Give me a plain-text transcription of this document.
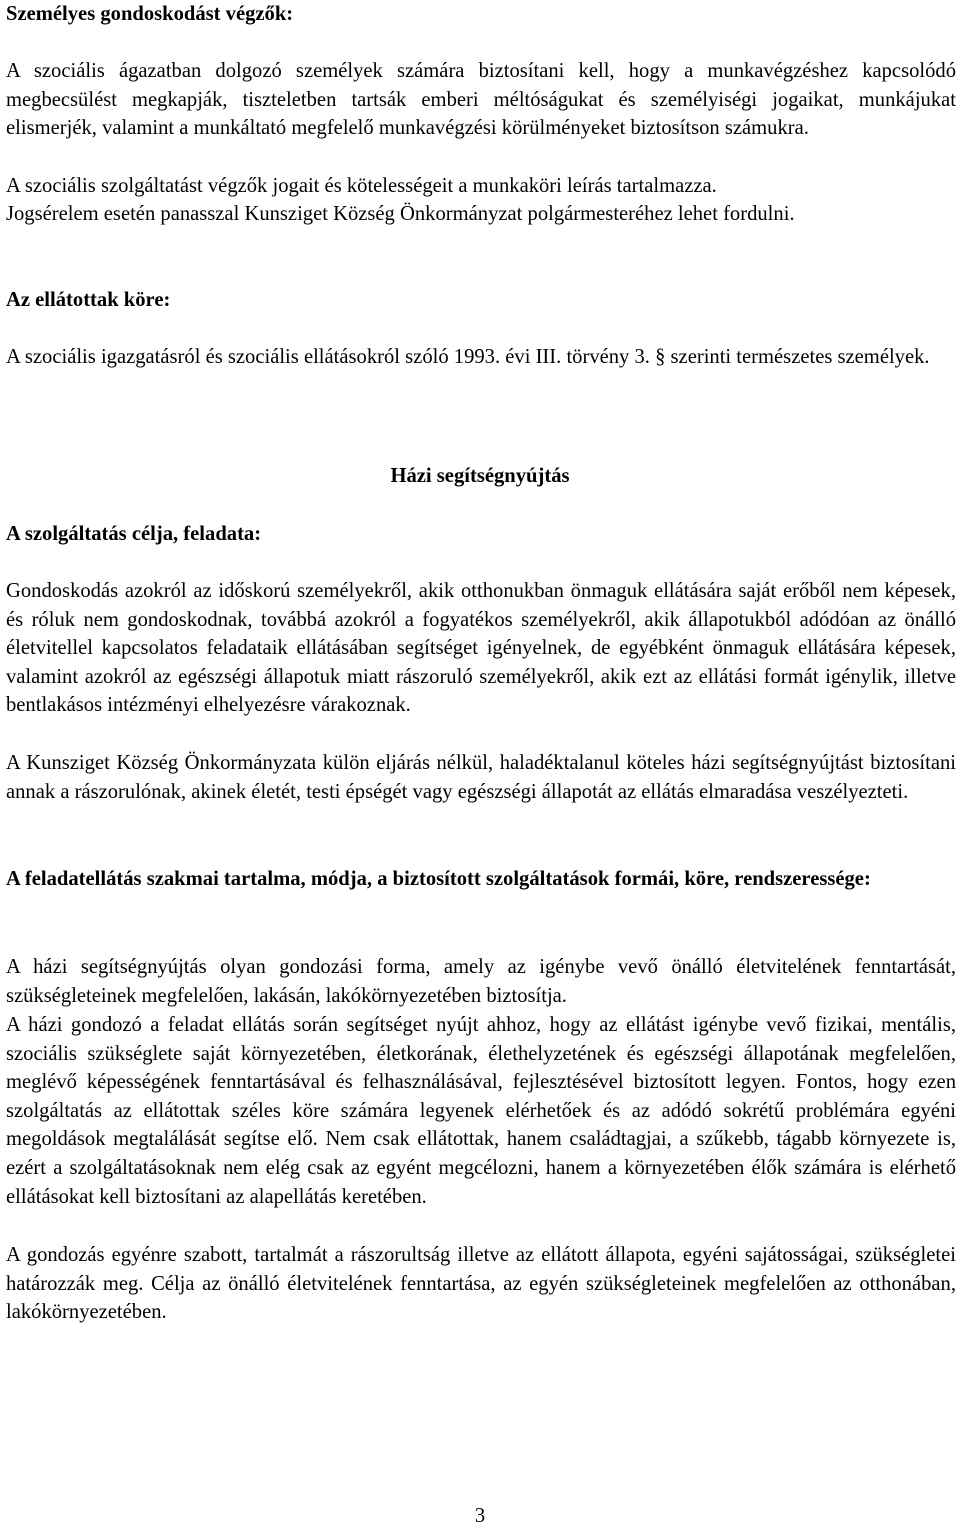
Személyes gondoskodást végzők:
A szociális ágazatban dolgozó személyek számára biztosítani kell, hogy a munkavégzéshez kapcsolódó megbecsülést megkapják, tiszteletben tartsák emberi méltóságukat és személyiségi jogaikat, munkájukat elismerjék, valamint a munkáltató megfelelő munkavégzési körülményeket biztosítson számukra.
A szociális szolgáltatást végzők jogait és kötelességeit a munkaköri leírás tartalmazza.
Jogsérelem esetén panasszal Kunsziget Község Önkormányzat polgármesteréhez lehet fordulni.
Az ellátottak köre:
A szociális igazgatásról és szociális ellátásokról szóló 1993. évi III. törvény 3. § szerinti természetes személyek.
Házi segítségnyújtás
A szolgáltatás célja, feladata:
Gondoskodás azokról az időskorú személyekről, akik otthonukban önmaguk ellátására saját erőből nem képesek, és róluk nem gondoskodnak, továbbá azokról a fogyatékos személyekről, akik állapotukból adódóan az önálló életvitellel kapcsolatos feladataik ellátásában segítséget igényelnek, de egyébként önmaguk ellátására képesek, valamint azokról az egészségi állapotuk miatt rászoruló személyekről, akik ezt az ellátási formát igénylik, illetve bentlakásos intézményi elhelyezésre várakoznak.
A Kunsziget Község Önkormányzata külön eljárás nélkül, haladéktalanul köteles házi segítségnyújtást biztosítani annak a rászorulónak, akinek életét, testi épségét vagy egészségi állapotát az ellátás elmaradása veszélyezteti.
A feladatellátás szakmai tartalma, módja, a biztosított szolgáltatások formái, köre, rendszeressége:
A házi segítségnyújtás olyan gondozási forma, amely az igénybe vevő önálló életvitelének fenntartását, szükségleteinek megfelelően, lakásán, lakókörnyezetében biztosítja.
A házi gondozó a feladat ellátás során segítséget nyújt ahhoz, hogy az ellátást igénybe vevő fizikai, mentális, szociális szükséglete saját környezetében, életkorának, élethelyzetének és egészségi állapotának megfelelően, meglévő képességének fenntartásával és felhasználásával, fejlesztésével biztosított legyen. Fontos, hogy ezen szolgáltatás az ellátottak széles köre számára legyenek elérhetőek és az adódó sokrétű problémára egyéni megoldások megtalálását segítse elő. Nem csak ellátottak, hanem családtagjai, a szűkebb, tágabb környezete is, ezért a szolgáltatásoknak nem elég csak az egyént megcélozni, hanem a környezetében élők számára is elérhető ellátásokat kell biztosítani az alapellátás keretében.
A gondozás egyénre szabott, tartalmát a rászorultság illetve az ellátott állapota, egyéni sajátosságai, szükségletei határozzák meg. Célja az önálló életvitelének fenntartása, az egyén szükségleteinek megfelelően az otthonában, lakókörnyezetében.
3
